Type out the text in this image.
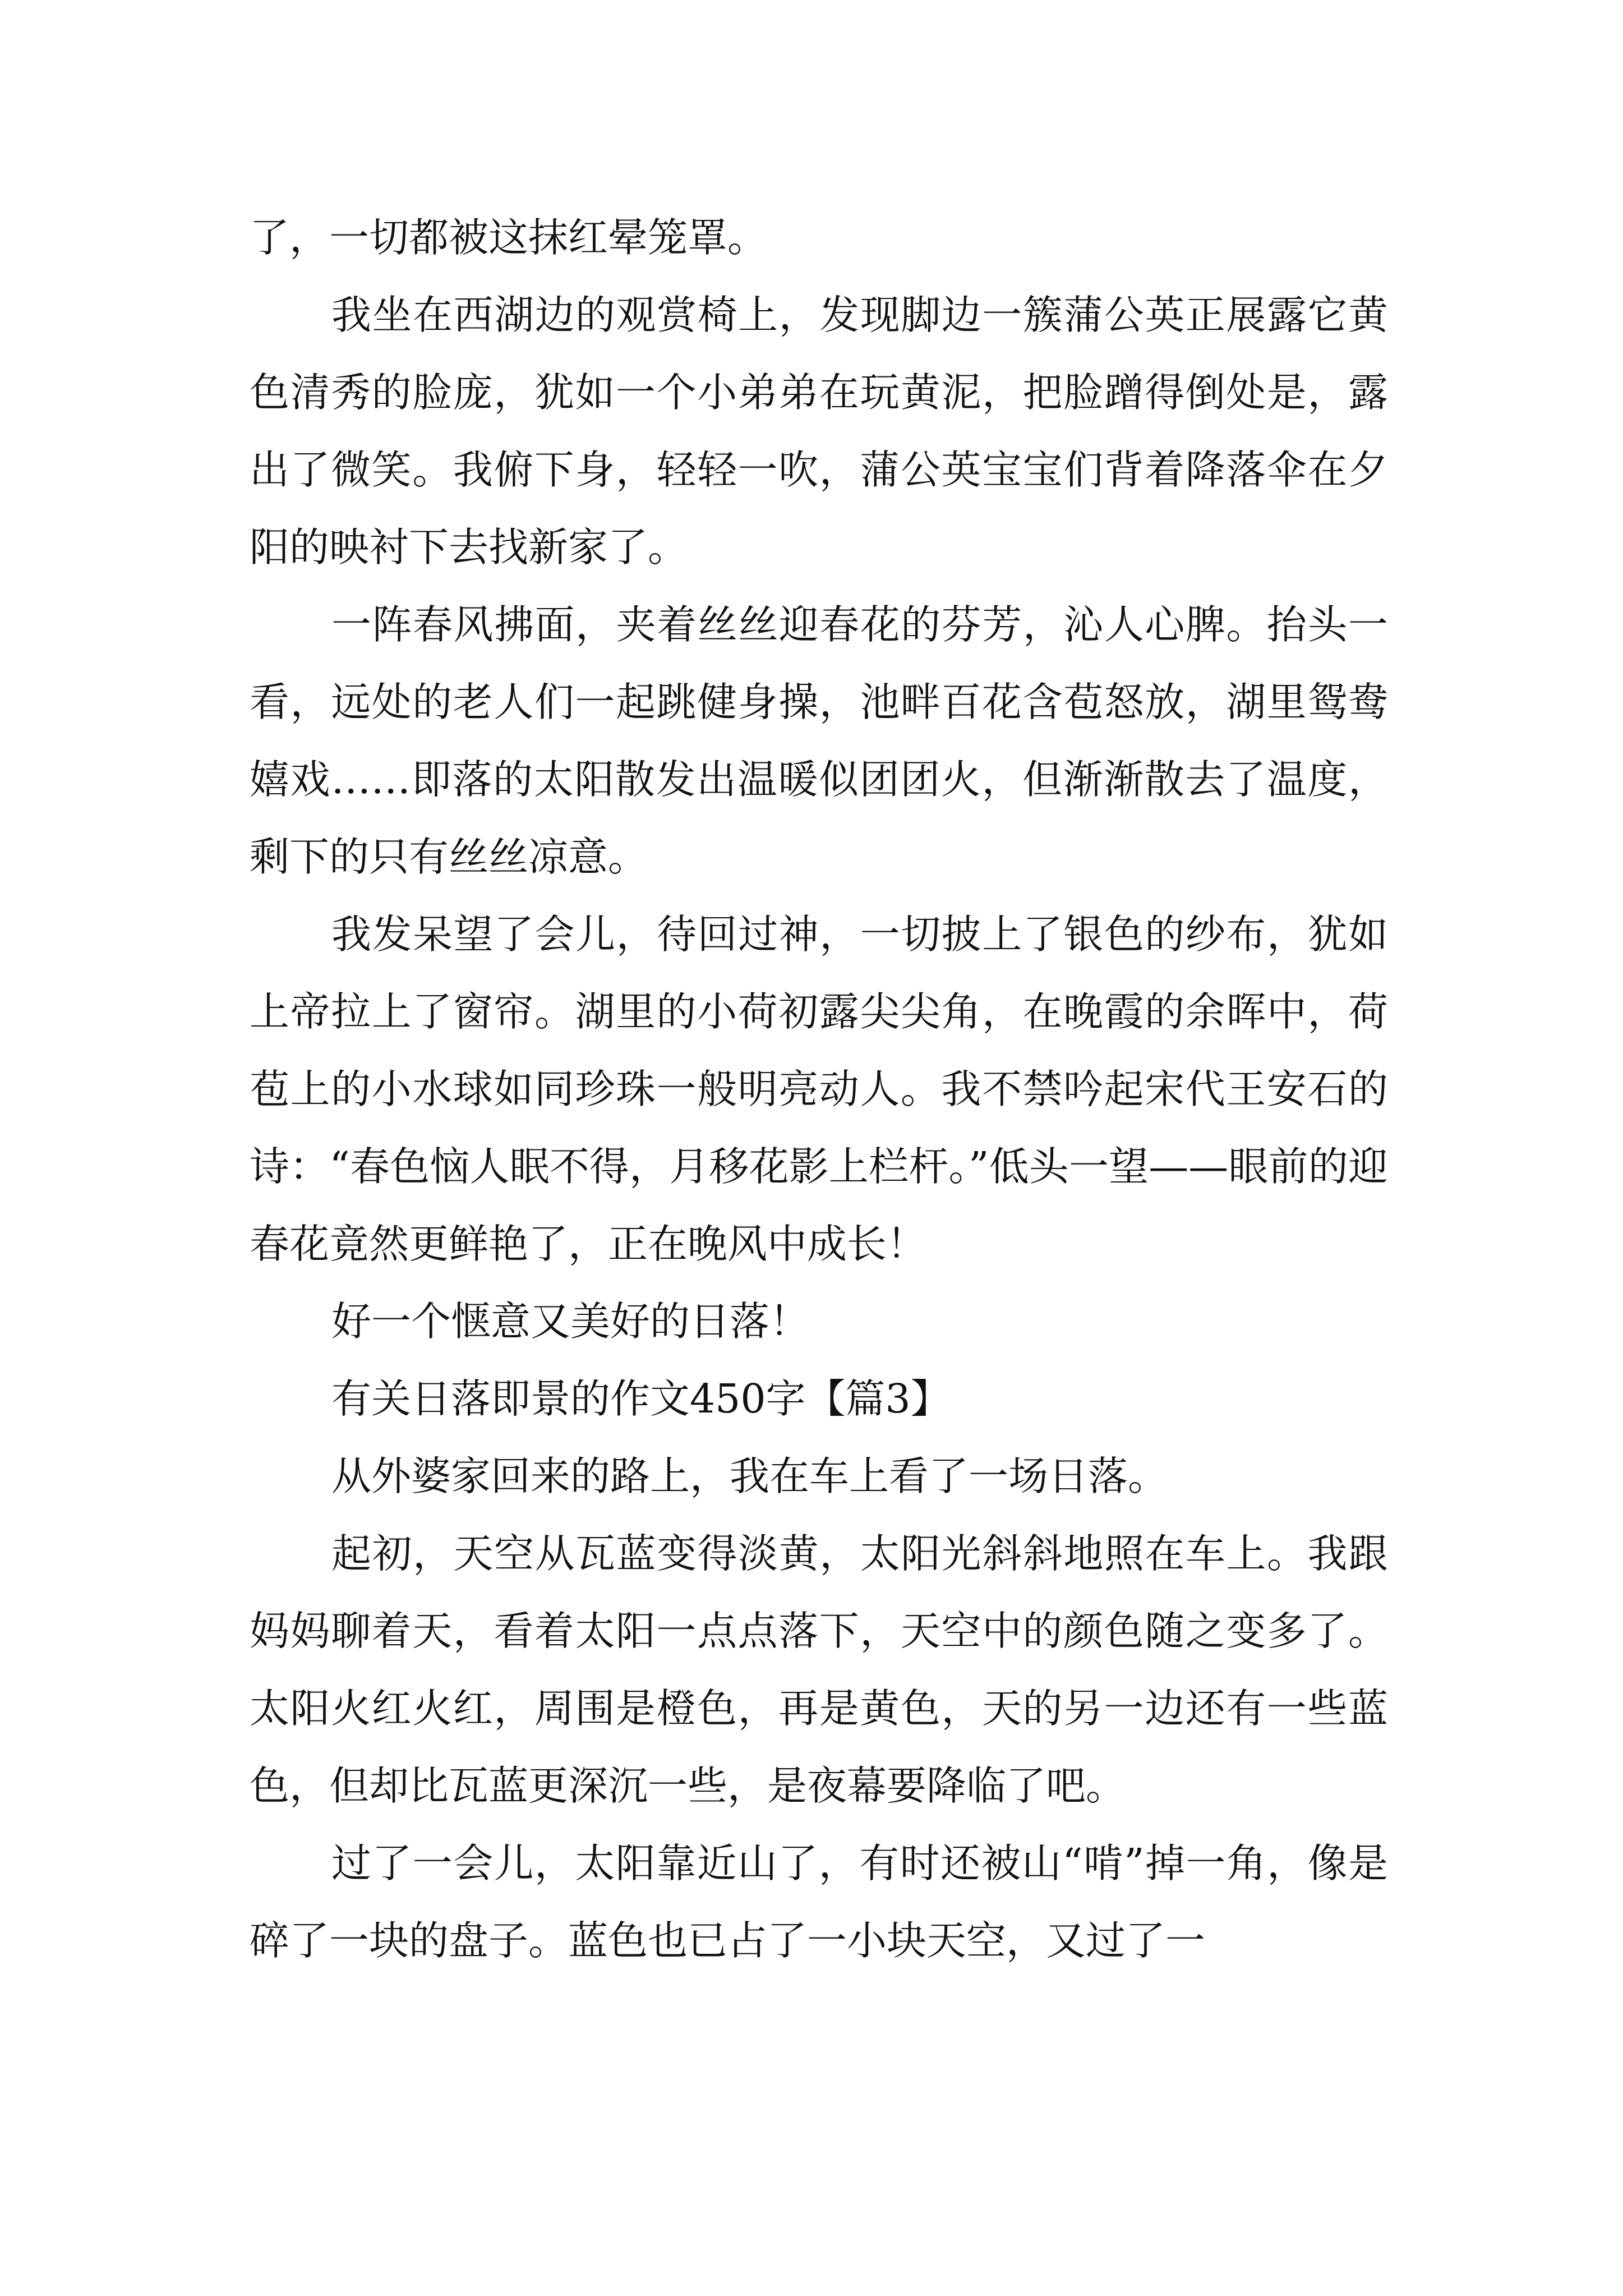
了，一切都被这抹红晕笼罩。

我坐在西湖边的观赏椅上，发现脚边一簇蒲公英正展露它黄色清秀的脸庞，犹如一个小弟弟在玩黄泥，把脸蹭得倒处是，露出了微笑。我俯下身，轻轻一吹，蒲公英宝宝们背着降落伞在夕阳的映衬下去找新家了。

一阵春风拂面，夹着丝丝迎春花的芬芳，沁人心脾。抬头一看，远处的老人们一起跳健身操，池畔百花含苞怒放，湖里鸳鸯嬉戏……即落的太阳散发出温暖似团团火，但渐渐散去了温度，剩下的只有丝丝凉意。

我发呆望了会儿，待回过神，一切披上了银色的纱布，犹如上帝拉上了窗帘。湖里的小荷初露尖尖角，在晚霞的余晖中，荷苞上的小水球如同珍珠一般明亮动人。我不禁吟起宋代王安石的诗：“春色恼人眠不得，月移花影上栏杆。”低头一望——眼前的迎春花竟然更鲜艳了，正在晚风中成长！

好一个惬意又美好的日落！

有关日落即景的作文450字【篇3】

从外婆家回来的路上，我在车上看了一场日落。

起初，天空从瓦蓝变得淡黄，太阳光斜斜地照在车上。我跟妈妈聊着天，看着太阳一点点落下，天空中的颜色随之变多了。太阳火红火红，周围是橙色，再是黄色，天的另一边还有一些蓝色，但却比瓦蓝更深沉一些，是夜幕要降临了吧。

过了一会儿，太阳靠近山了，有时还被山“啃”掉一角，像是碎了一块的盘子。蓝色也已占了一小块天空，又过了一
